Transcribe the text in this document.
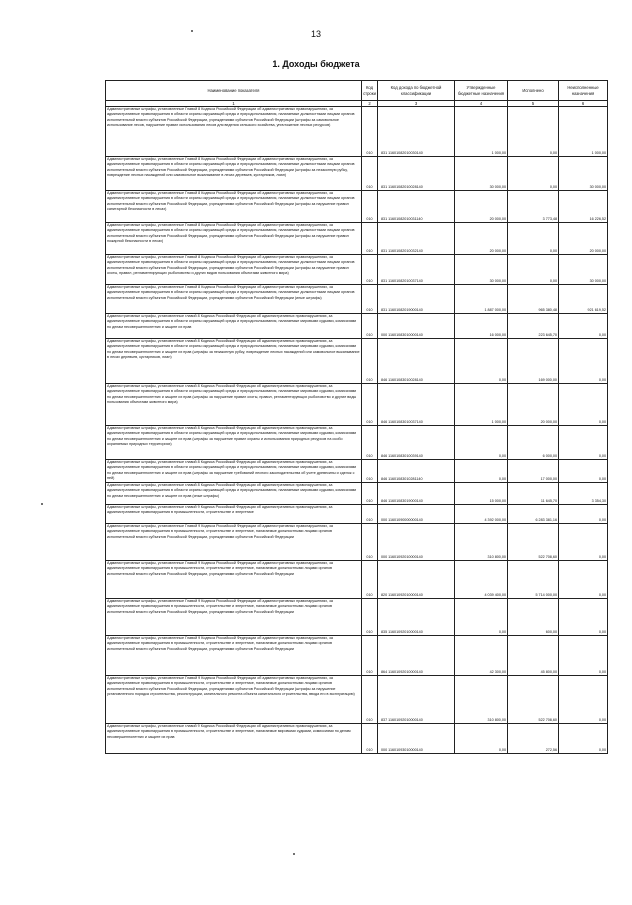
13
1. Доходы бюджета
Наименование показателя	Код строки	Код дохода по бюджетной классификации	Утвержденные бюджетные назначения	Исполнено	Неисполненные назначения
1	2	3	4	5	6
Административные штрафы, установленные Главой 8 Кодекса Российской Федерации об административных правонарушениях, за административные правонарушения в области охраны окружающей среды и природопользования, налагаемые должностными лицами органов исполнительной власти субъектов Российской Федерации, учреждениями субъектов Российской Федерации (штрафы за самовольное использование лесов, нарушение правил использования лесов для ведения сельского хозяйства, уничтожение лесных ресурсов)	010	831 11601082010030140	1 000,00	0,00	1 000,00
Административные штрафы, установленные Главой 8 Кодекса Российской Федерации об административных правонарушениях, за административные правонарушения в области охраны окружающей среды и природопользования, налагаемые должностными лицами органов исполнительной власти субъектов Российской Федерации, учреждениями субъектов Российской Федерации (штрафы за незаконную рубку, повреждение лесных насаждений или самовольное выкапывание в лесах деревьев, кустарников, лиан)	010	831 11601082010028140	30 000,00	0,00	30 000,00
Административные штрафы, установленные Главой 8 Кодекса Российской Федерации об административных правонарушениях, за административные правонарушения в области охраны окружающей среды и природопользования, налагаемые должностными лицами органов исполнительной власти субъектов Российской Федерации, учреждениями субъектов Российской Федерации (штрафы за нарушение правил санитарной безопасности в лесах)	010	831 11601082010031140	20 000,00	3 773,48	16 226,52
Административные штрафы, установленные Главой 8 Кодекса Российской Федерации об административных правонарушениях, за административные правонарушения в области охраны окружающей среды и природопользования, налагаемые должностными лицами органов исполнительной власти субъектов Российской Федерации, учреждениями субъектов Российской Федерации (штрафы за нарушение правил пожарной безопасности в лесах)	010	831 11601082010032140	20 000,00	0,00	20 000,00
Административные штрафы, установленные Главой 8 Кодекса Российской Федерации об административных правонарушениях, за административные правонарушения в области охраны окружающей среды и природопользования, налагаемые должностными лицами органов исполнительной власти субъектов Российской Федерации, учреждениями субъектов Российской Федерации (штрафы за нарушение правил охоты, правил, регламентирующих рыболовство и других видов пользования объектами животного мира)	010	831 11601082010037140	30 000,00	0,00	30 000,00
Административные штрафы, установленные Главой 8 Кодекса Российской Федерации об административных правонарушениях, за административные правонарушения в области охраны окружающей среды и природопользования, налагаемые должностными лицами органов исполнительной власти субъектов Российской Федерации, учреждениями субъектов Российской Федерации (иные штрафы)	010	831 11601082019000140	1 887 000,00	965 380,48	921 619,52
Административные штрафы, установленные главой 8 Кодекса Российской Федерации об административных правонарушениях, за административные правонарушения в области охраны окружающей среды и природопользования, налагаемые мировыми судьями, комиссиями по делам несовершеннолетних и защите их прав	010	000 11601083010000140	16 000,00	223 645,70	0,00
Административные штрафы, установленные главой 8 Кодекса Российской Федерации об административных правонарушениях, за административные правонарушения в области охраны окружающей среды и природопользования, налагаемые мировыми судьями, комиссиями по делам несовершеннолетних и защите их прав (штрафы за незаконную рубку, повреждение лесных насаждений или самовольное выкапывание в лесах деревьев, кустарников, лиан)	010	846 11601083010028140	0,00	169 000,00	0,00
Административные штрафы, установленные главой 8 Кодекса Российской Федерации об административных правонарушениях, за административные правонарушения в области охраны окружающей среды и природопользования, налагаемые мировыми судьями, комиссиями по делам несовершеннолетних и защите их прав (штрафы за нарушение правил охоты, правил, регламентирующих рыболовство и другие виды пользования объектами животного мира)	010	846 11601083010037140	1 000,00	20 000,00	0,00
Административные штрафы, установленные главой 8 Кодекса Российской Федерации об административных правонарушениях, за административные правонарушения в области охраны окружающей среды и природопользования, налагаемые мировыми судьями, комиссиями по делам несовершеннолетних и защите их прав (штрафы за нарушение правил охраны и использования природных ресурсов на особо охраняемых природных территориях)	010	846 11601083010039140	0,00	6 000,00	0,00
Административные штрафы, установленные главой 8 Кодекса Российской Федерации об административных правонарушениях, за административные правонарушения в области охраны окружающей среды и природопользования, налагаемые мировыми судьями, комиссиями по делам несовершеннолетних и защите их прав (штрафы за нарушение требований лесного законодательства об учете древесины и сделок с ней)	010	846 11601083010281140	0,00	17 000,00	0,00
Административные штрафы, установленные главой 8 Кодекса Российской Федерации об административных правонарушениях, за административные правонарушения в области охраны окружающей среды и природопользования, налагаемые мировыми судьями, комиссиями по делам несовершеннолетних и защите их прав (иные штрафы)	010	846 11601083019000140	15 000,00	11 645,70	3 354,30
Административные штрафы, установленные главой 9 Кодекса Российской Федерации об административных правонарушениях, за административные правонарушения в промышленности, строительстве и энергетике	010	000 11601090000000140	4 392 000,00	6 283 381,16	0,00
Административные штрафы, установленные Главой 9 Кодекса Российской Федерации об административных правонарушениях, за административные правонарушения в промышленности, строительстве и энергетике, налагаемые должностными лицами органов исполнительной власти субъектов Российской Федерации, учреждениями субъектов Российской Федерации	010	000 11601092010000140	310 800,00	522 708,60	0,00
Административные штрафы, установленные Главой 9 Кодекса Российской Федерации об административных правонарушениях, за административные правонарушения в промышленности, строительстве и энергетике, налагаемые должностными лицами органов исполнительной власти субъектов Российской Федерации, учреждениями субъектов Российской Федерации	010	820 11601092010000140	4 039 400,00	5 714 000,00	0,00
Административные штрафы, установленные Главой 9 Кодекса Российской Федерации об административных правонарушениях, за административные правонарушения в промышленности, строительстве и энергетике, налагаемые должностными лицами органов исполнительной власти субъектов Российской Федерации, учреждениями субъектов Российской Федерации	010	835 11601092010000140	0,00	600,00	0,00
Административные штрафы, установленные Главой 9 Кодекса Российской Федерации об административных правонарушениях, за административные правонарушения в промышленности, строительстве и энергетике, налагаемые должностными лицами органов исполнительной власти субъектов Российской Федерации, учреждениями субъектов Российской Федерации	010	864 11601092010000140	42 300,00	45 800,00	0,00
Административные штрафы, установленные Главой 9 Кодекса Российской Федерации об административных правонарушениях, за административные правонарушения в промышленности, строительстве и энергетике, налагаемые должностными лицами органов исполнительной власти субъектов Российской Федерации, учреждениями субъектов Российской Федерации (штрафы за нарушение установленного порядка строительства, реконструкции, капитального ремонта объекта капитального строительства, ввода его в эксплуатацию)	010	837 11601092010000140	310 800,00	522 708,60	0,00
Административные штрафы, установленные главой 9 Кодекса Российской Федерации об административных правонарушениях, за административные правонарушения в промышленности, строительстве и энергетике, налагаемые мировыми судьями, комиссиями по делам несовершеннолетних и защите их прав	010	000 11601093010000140	0,00	272,56	0,00
